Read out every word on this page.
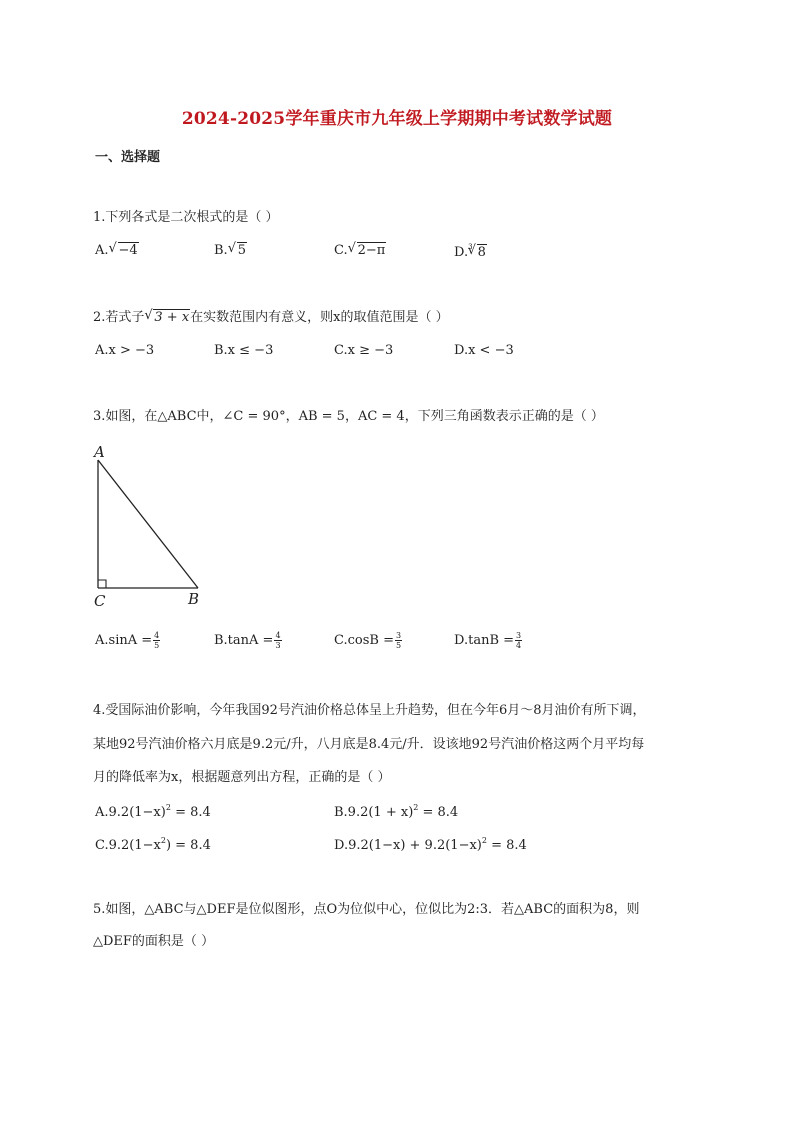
2024-2025学年重庆市九年级上学期期中考试数学试题
一、选择题
1.下列各式是二次根式的是（ ）
A. √ −4	B. √ 5	C. √ 2−π	D.$^3$ √ 8
2.若式子 √ 3 + x在实数范围内有意义，则x的取值范围是（ ）
A.x > −3	B.x ≤ −3	C.x ≥ −3	D.x < −3
3.如图，在△ABC中，∠C = 90°，AB = 5，AC = 4，下列三角函数表示正确的是（ ）
A
C	B
$A.\sin A = \frac{4}{5}$	$B.\tan A = \frac{4}{3}$	$C.\cos B = \frac{3}{5}$	$D.\tan B = \frac{3}{4}$
4.受国际油价影响，今年我国92号汽油价格总体呈上升趋势，但在今年6月～8月油价有所下调，
某地92号汽油价格六月底是9.2元/升，八月底是8.4元/升．设该地92号汽油价格这两个月平均每
月的降低率为x，根据题意列出方程，正确的是（ ）
$A.9.2(1-x)^2 = 8.4$	$B.9.2(1 + x)^2 = 8.4$
$C.9.2(1-x^2) = 8.4$	$D.9.2(1-x) + 9.2(1-x)^2 = 8.4$
5.如图，△ABC与△DEF是位似图形，点O为位似中心，位似比为2:3．若△ABC的面积为8，则
△DEF的面积是（ ）
